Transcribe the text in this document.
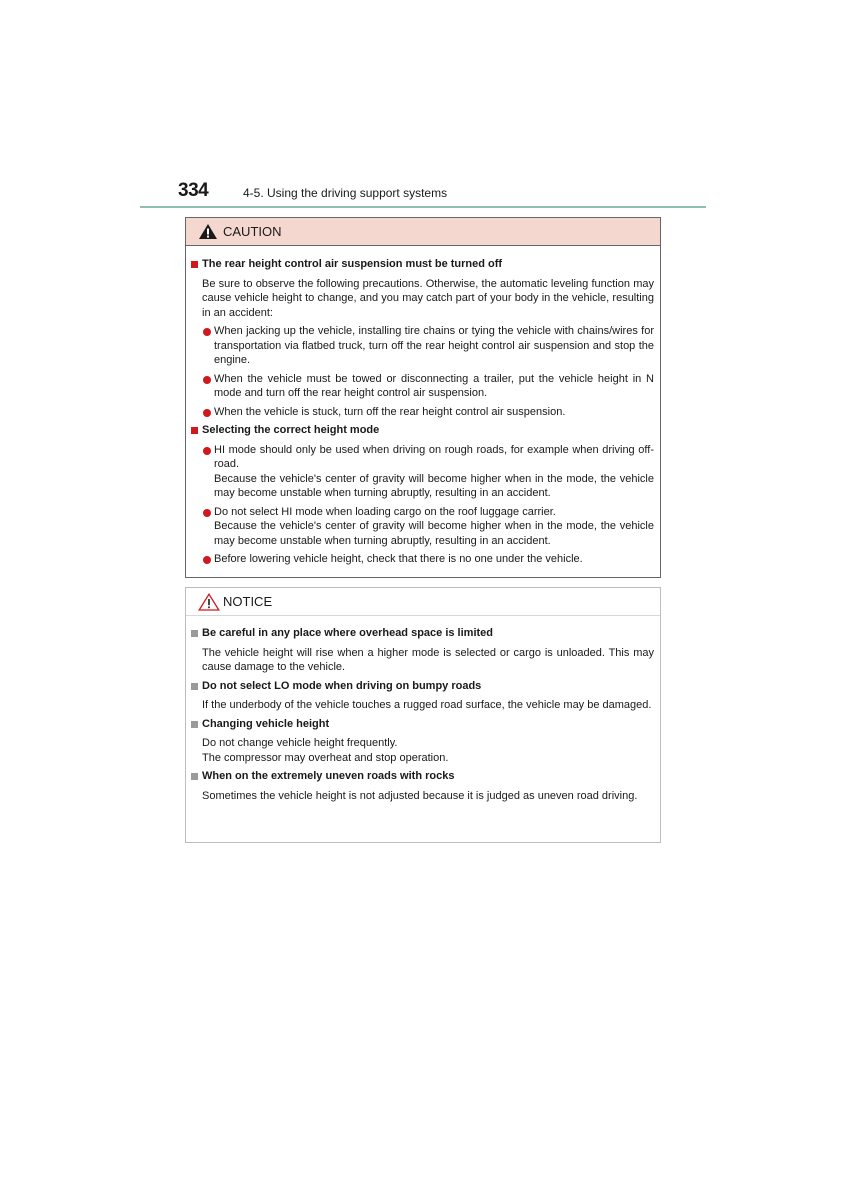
334	4-5. Using the driving support systems
CAUTION
The rear height control air suspension must be turned off
Be sure to observe the following precautions. Otherwise, the automatic leveling function may cause vehicle height to change, and you may catch part of your body in the vehicle, resulting in an accident:
When jacking up the vehicle, installing tire chains or tying the vehicle with chains/wires for transportation via flatbed truck, turn off the rear height control air suspension and stop the engine.
When the vehicle must be towed or disconnecting a trailer, put the vehicle height in N mode and turn off the rear height control air suspension.
When the vehicle is stuck, turn off the rear height control air suspension.
Selecting the correct height mode
HI mode should only be used when driving on rough roads, for example when driving off-road.
Because the vehicle's center of gravity will become higher when in the mode, the vehicle may become unstable when turning abruptly, resulting in an accident.
Do not select HI mode when loading cargo on the roof luggage carrier.
Because the vehicle's center of gravity will become higher when in the mode, the vehicle may become unstable when turning abruptly, resulting in an accident.
Before lowering vehicle height, check that there is no one under the vehicle.
NOTICE
Be careful in any place where overhead space is limited
The vehicle height will rise when a higher mode is selected or cargo is unloaded. This may cause damage to the vehicle.
Do not select LO mode when driving on bumpy roads
If the underbody of the vehicle touches a rugged road surface, the vehicle may be damaged.
Changing vehicle height
Do not change vehicle height frequently.
The compressor may overheat and stop operation.
When on the extremely uneven roads with rocks
Sometimes the vehicle height is not adjusted because it is judged as uneven road driving.
